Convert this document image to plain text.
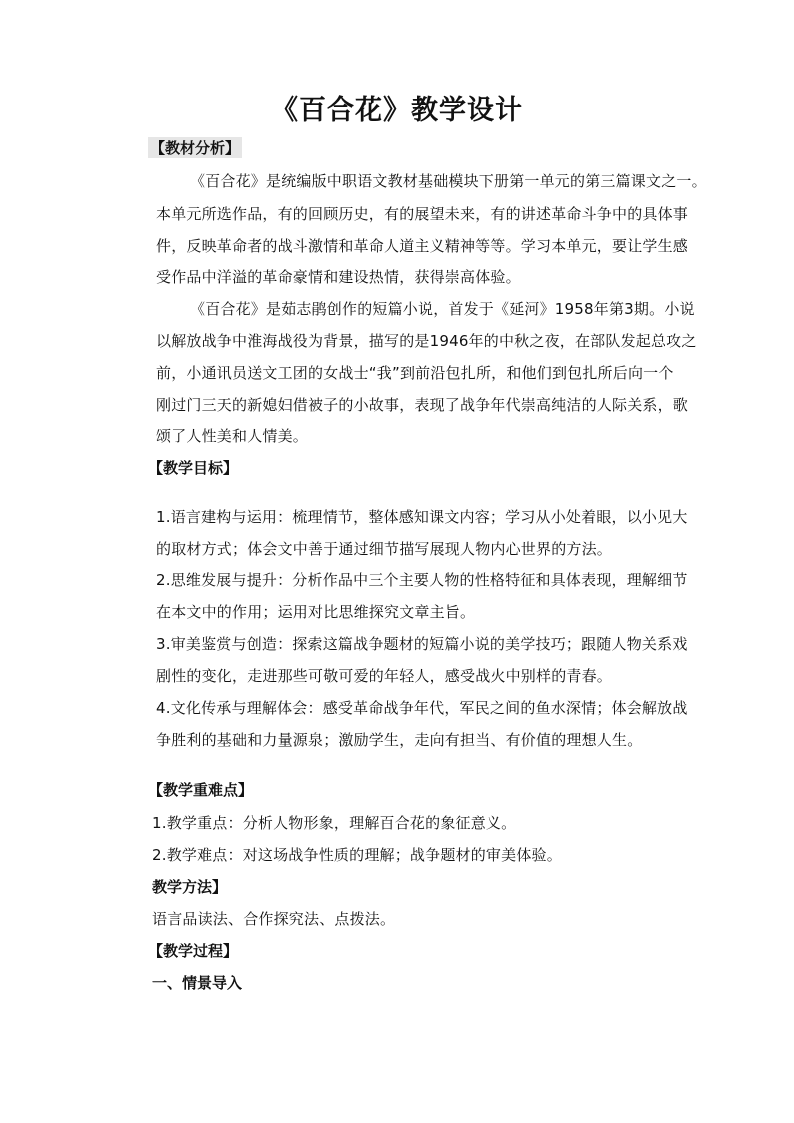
《百合花》教学设计
【教材分析】
《百合花》是统编版中职语文教材基础模块下册第一单元的第三篇课文之一。
本单元所选作品，有的回顾历史，有的展望未来，有的讲述革命斗争中的具体事
件，反映革命者的战斗激情和革命人道主义精神等等。学习本单元，要让学生感
受作品中洋溢的革命豪情和建设热情，获得崇高体验。
《百合花》是茹志鹃创作的短篇小说，首发于《延河》1958年第3期。小说
以解放战争中淮海战役为背景，描写的是1946年的中秋之夜，在部队发起总攻之
前，小通讯员送文工团的女战士“我”到前沿包扎所，和他们到包扎所后向一个
刚过门三天的新媳妇借被子的小故事，表现了战争年代崇高纯洁的人际关系，歌
颂了人性美和人情美。
【教学目标】
1.语言建构与运用：梳理情节，整体感知课文内容；学习从小处着眼，以小见大
的取材方式；体会文中善于通过细节描写展现人物内心世界的方法。
2.思维发展与提升：分析作品中三个主要人物的性格特征和具体表现，理解细节
在本文中的作用；运用对比思维探究文章主旨。
3.审美鉴赏与创造：探索这篇战争题材的短篇小说的美学技巧；跟随人物关系戏
剧性的变化，走进那些可敬可爱的年轻人，感受战火中别样的青春。
4.文化传承与理解体会：感受革命战争年代，军民之间的鱼水深情；体会解放战
争胜利的基础和力量源泉；激励学生，走向有担当、有价值的理想人生。
【教学重难点】
1.教学重点：分析人物形象，理解百合花的象征意义。
2.教学难点：对这场战争性质的理解；战争题材的审美体验。
教学方法】
语言品读法、合作探究法、点拨法。
【教学过程】
一、情景导入
